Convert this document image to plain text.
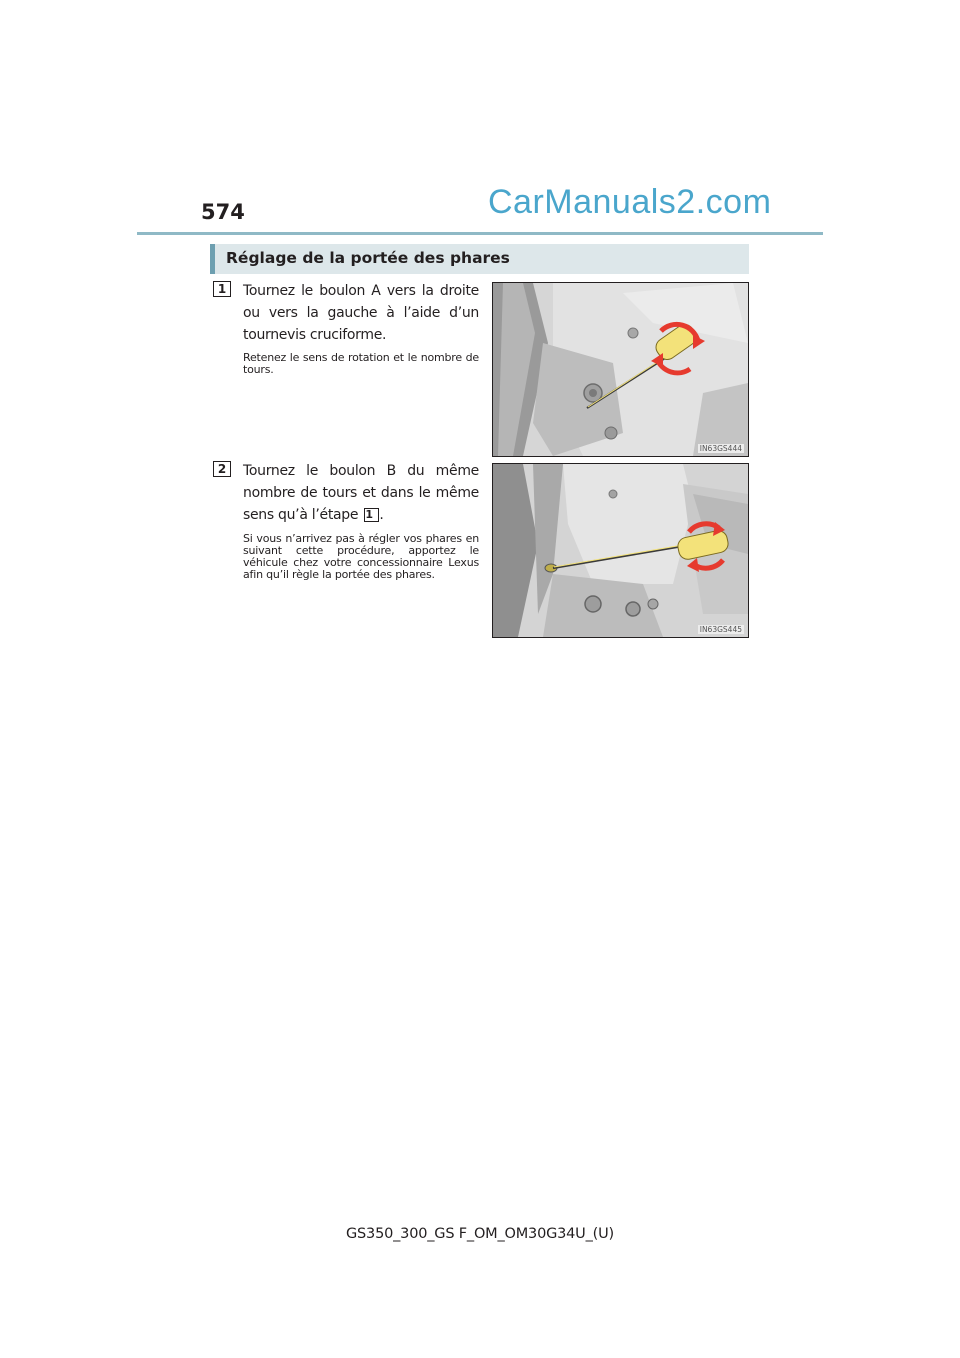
574	CarManuals2.com
Réglage de la portée des phares
1	Tournez le boulon A vers la droite ou vers la gauche à l’aide d’un tournevis cruciforme.
Retenez le sens de rotation et le nombre de tours.
IN63GS444
2	Tournez le boulon B du même nombre de tours et dans le même sens qu’à l’étape 1 .
Si vous n’arrivez pas à régler vos phares en suivant cette procédure, apportez le véhicule chez votre concessionnaire Lexus afin qu’il règle la portée des phares.
IN63GS445
GS350_300_GS F_OM_OM30G34U_(U)
